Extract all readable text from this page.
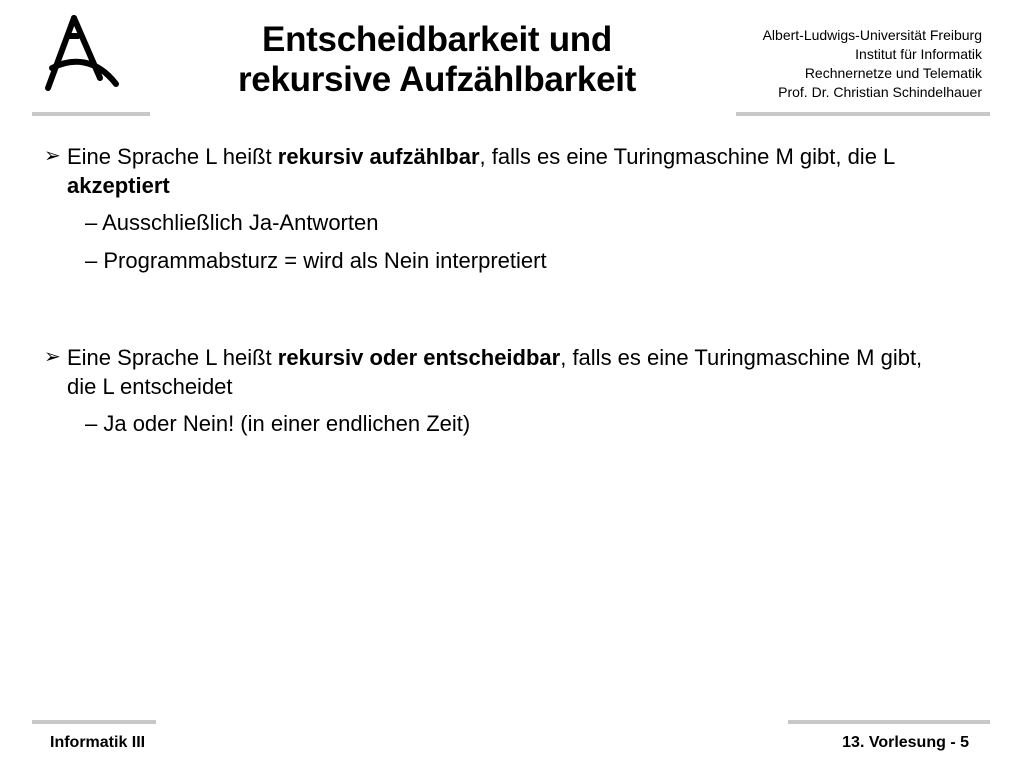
Entscheidbarkeit und
rekursive Aufzählbarkeit
Albert-Ludwigs-Universität Freiburg
Institut für Informatik
Rechnernetze und Telematik
Prof. Dr. Christian Schindelhauer
➢ Eine Sprache L heißt rekursiv aufzählbar, falls es eine Turingmaschine M gibt, die L akzeptiert
– Ausschließlich Ja-Antworten
– Programmabsturz = wird als Nein interpretiert
➢ Eine Sprache L heißt rekursiv oder entscheidbar, falls es eine Turingmaschine M gibt, die L entscheidet
– Ja oder Nein! (in einer endlichen Zeit)
Informatik III	13. Vorlesung - 5
